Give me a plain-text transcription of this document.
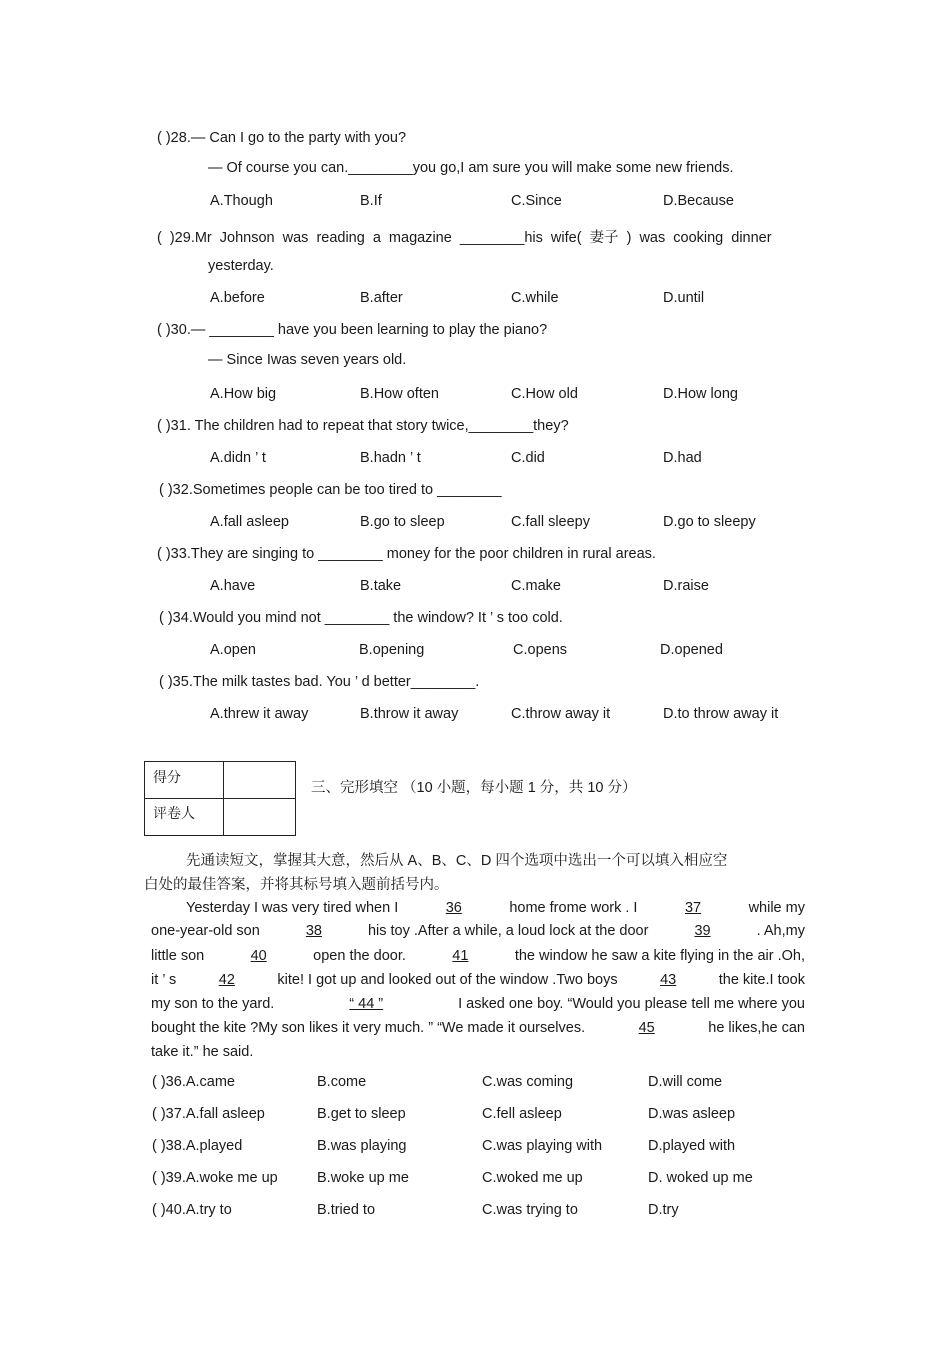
( )28.— Can I go to the party with you?
— Of course you can.________you go,I am sure you will make some new friends.
A.Though	B.If	C.Since	D.Because
( )29.Mr Johnson was reading a magazine ________his wife( 妻子 ) was cooking dinner
yesterday.
A.before	B.after	C.while	D.until
( )30.— ________ have you been learning to play the piano?
— Since Iwas seven years old.
A.How big	B.How often	C.How old	D.How long
( )31. The children had to repeat that story twice,________they?
A.didn ’ t	B.hadn ’ t	C.did	D.had
( )32.Sometimes people can be too tired to ________
A.fall asleep	B.go to sleep	C.fall sleepy	D.go to sleepy
( )33.They are singing to ________ money for the poor children in rural areas.
A.have	B.take	C.make	D.raise
( )34.Would you mind not ________ the window? It ’ s too cold.
A.open	B.opening	C.opens	D.opened
( )35.The milk tastes bad. You ’ d better________.
A.threw it away	B.throw it away	C.throw away it	D.to throw away it
得分
评卷人
三、完形填空 （10 小题，每小题 1 分，共 10 分）
先通读短文，掌握其大意，然后从 A、B、C、D 四个选项中选出一个可以填入相应空
白处的最佳答案，并将其标号填入题前括号内。
Yesterday I was very tired when I	36	home frome work . I	37	while my
one-year-old son	38	his toy .After a while, a loud lock at the door	39	. Ah,my
little son	40	open the door.	41	the window he saw a kite flying in the air .Oh,
it ’ s	42	kite! I got up and looked out of the window .Two boys	43	the kite.I took
my son to the yard.	“ 44 ”	I asked one boy. “Would you please tell me where you
bought the kite ?My son likes it very much. ” “We made it ourselves.	45	he likes,he can
take it.” he said.
( )36.A.came	B.come	C.was coming	D.will come
( )37.A.fall asleep	B.get to sleep	C.fell asleep	D.was asleep
( )38.A.played	B.was playing	C.was playing with	D.played with
( )39.A.woke me up	B.woke up me	C.woked me up	D. woked up me
( )40.A.try to	B.tried to	C.was trying to	D.try
